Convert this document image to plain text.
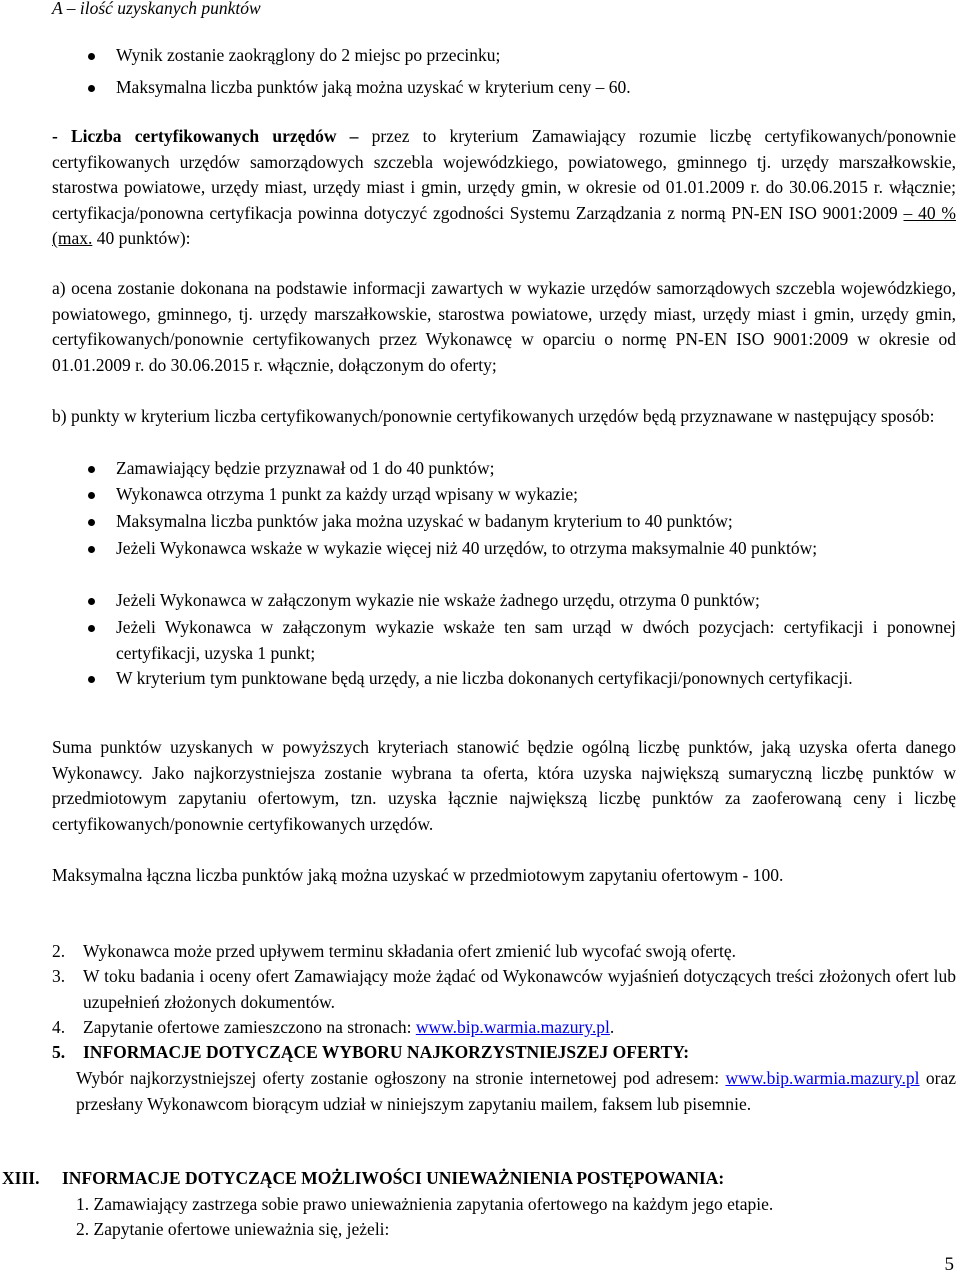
A – ilość uzyskanych punktów
Wynik zostanie zaokrąglony do 2 miejsc po przecinku;
Maksymalna liczba punktów jaką można uzyskać w kryterium ceny – 60.
- Liczba certyfikowanych urzędów – przez to kryterium Zamawiający rozumie liczbę certyfikowanych/ponownie certyfikowanych urzędów samorządowych szczebla wojewódzkiego, powiatowego, gminnego tj. urzędy marszałkowskie, starostwa powiatowe, urzędy miast, urzędy miast i gmin, urzędy gmin, w okresie od 01.01.2009 r. do 30.06.2015 r. włącznie; certyfikacja/ponowna certyfikacja powinna dotyczyć zgodności Systemu Zarządzania z normą PN-EN ISO 9001:2009 – 40 % (max. 40 punktów):
a) ocena zostanie dokonana na podstawie informacji zawartych w wykazie urzędów samorządowych szczebla wojewódzkiego, powiatowego, gminnego, tj. urzędy marszałkowskie, starostwa powiatowe, urzędy miast, urzędy miast i gmin, urzędy gmin, certyfikowanych/ponownie certyfikowanych przez Wykonawcę w oparciu o normę PN-EN ISO 9001:2009 w okresie od 01.01.2009 r. do 30.06.2015 r. włącznie, dołączonym do oferty;
b) punkty w kryterium liczba certyfikowanych/ponownie certyfikowanych urzędów będą przyznawane w następujący sposób:
Zamawiający będzie przyznawał od 1 do 40 punktów;
Wykonawca otrzyma 1 punkt za każdy urząd wpisany w wykazie;
Maksymalna liczba punktów jaka można uzyskać w badanym kryterium to 40 punktów;
Jeżeli Wykonawca wskaże w wykazie więcej niż 40 urzędów, to otrzyma maksymalnie 40 punktów;
Jeżeli Wykonawca w załączonym wykazie nie wskaże żadnego urzędu, otrzyma 0 punktów;
Jeżeli Wykonawca w załączonym wykazie wskaże ten sam urząd w dwóch pozycjach: certyfikacji i ponownej certyfikacji, uzyska 1 punkt;
W kryterium tym punktowane będą urzędy, a nie liczba dokonanych certyfikacji/ponownych certyfikacji.
Suma punktów uzyskanych w powyższych kryteriach stanowić będzie ogólną liczbę punktów, jaką uzyska oferta danego Wykonawcy. Jako najkorzystniejsza zostanie wybrana ta oferta, która uzyska największą sumaryczną liczbę punktów w przedmiotowym zapytaniu ofertowym, tzn. uzyska łącznie największą liczbę punktów za zaoferowaną ceny i liczbę certyfikowanych/ponownie certyfikowanych urzędów.
Maksymalna łączna liczba punktów jaką można uzyskać w przedmiotowym zapytaniu ofertowym - 100.
2. Wykonawca może przed upływem terminu składania ofert zmienić lub wycofać swoją ofertę.
3. W toku badania i oceny ofert Zamawiający może żądać od Wykonawców wyjaśnień dotyczących treści złożonych ofert lub uzupełnień złożonych dokumentów.
4. Zapytanie ofertowe zamieszczono na stronach: www.bip.warmia.mazury.pl.
5. INFORMACJE DOTYCZĄCE WYBORU NAJKORZYSTNIEJSZEJ OFERTY:
Wybór najkorzystniejszej oferty zostanie ogłoszony na stronie internetowej pod adresem: www.bip.warmia.mazury.pl oraz przesłany Wykonawcom biorącym udział w niniejszym zapytaniu mailem, faksem lub pisemnie.
XIII. INFORMACJE DOTYCZĄCE MOŻLIWOŚCI UNIEWAŻNIENIA POSTĘPOWANIA:
1. Zamawiający zastrzega sobie prawo unieważnienia zapytania ofertowego na każdym jego etapie.
2. Zapytanie ofertowe unieważnia się, jeżeli:
5
